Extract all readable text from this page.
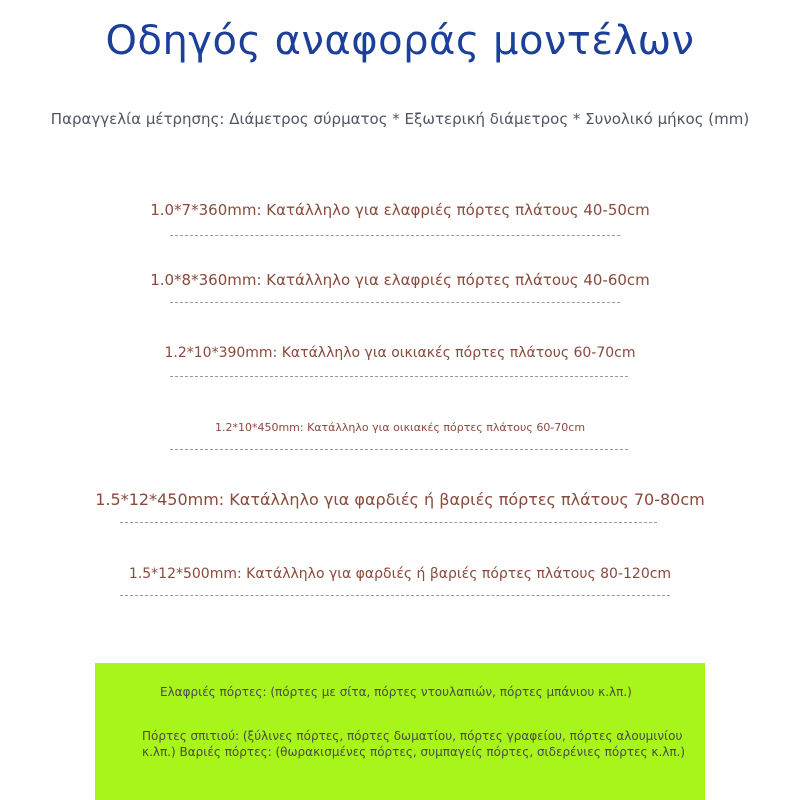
Οδηγός αναφοράς μοντέλων
Παραγγελία μέτρησης: Διάμετρος σύρματος * Εξωτερική διάμετρος * Συνολικό μήκος (mm)
1.0*7*360mm: Κατάλληλο για ελαφριές πόρτες πλάτους 40-50cm
1.0*8*360mm: Κατάλληλο για ελαφριές πόρτες πλάτους 40-60cm
1.2*10*390mm: Κατάλληλο για οικιακές πόρτες πλάτους 60-70cm
1.2*10*450mm: Κατάλληλο για οικιακές πόρτες πλάτους 60-70cm
1.5*12*450mm: Κατάλληλο για φαρδιές ή βαριές πόρτες πλάτους 70-80cm
1.5*12*500mm: Κατάλληλο για φαρδιές ή βαριές πόρτες πλάτους 80-120cm
Ελαφριές πόρτες: (πόρτες με σίτα, πόρτες ντουλαπιών, πόρτες μπάνιου κ.λπ.)
Πόρτες σπιτιού: (ξύλινες πόρτες, πόρτες δωματίου, πόρτες γραφείου, πόρτες αλουμινίου
κ.λπ.) Βαριές πόρτες: (θωρακισμένες πόρτες, συμπαγείς πόρτες, σιδερένιες πόρτες κ.λπ.)
